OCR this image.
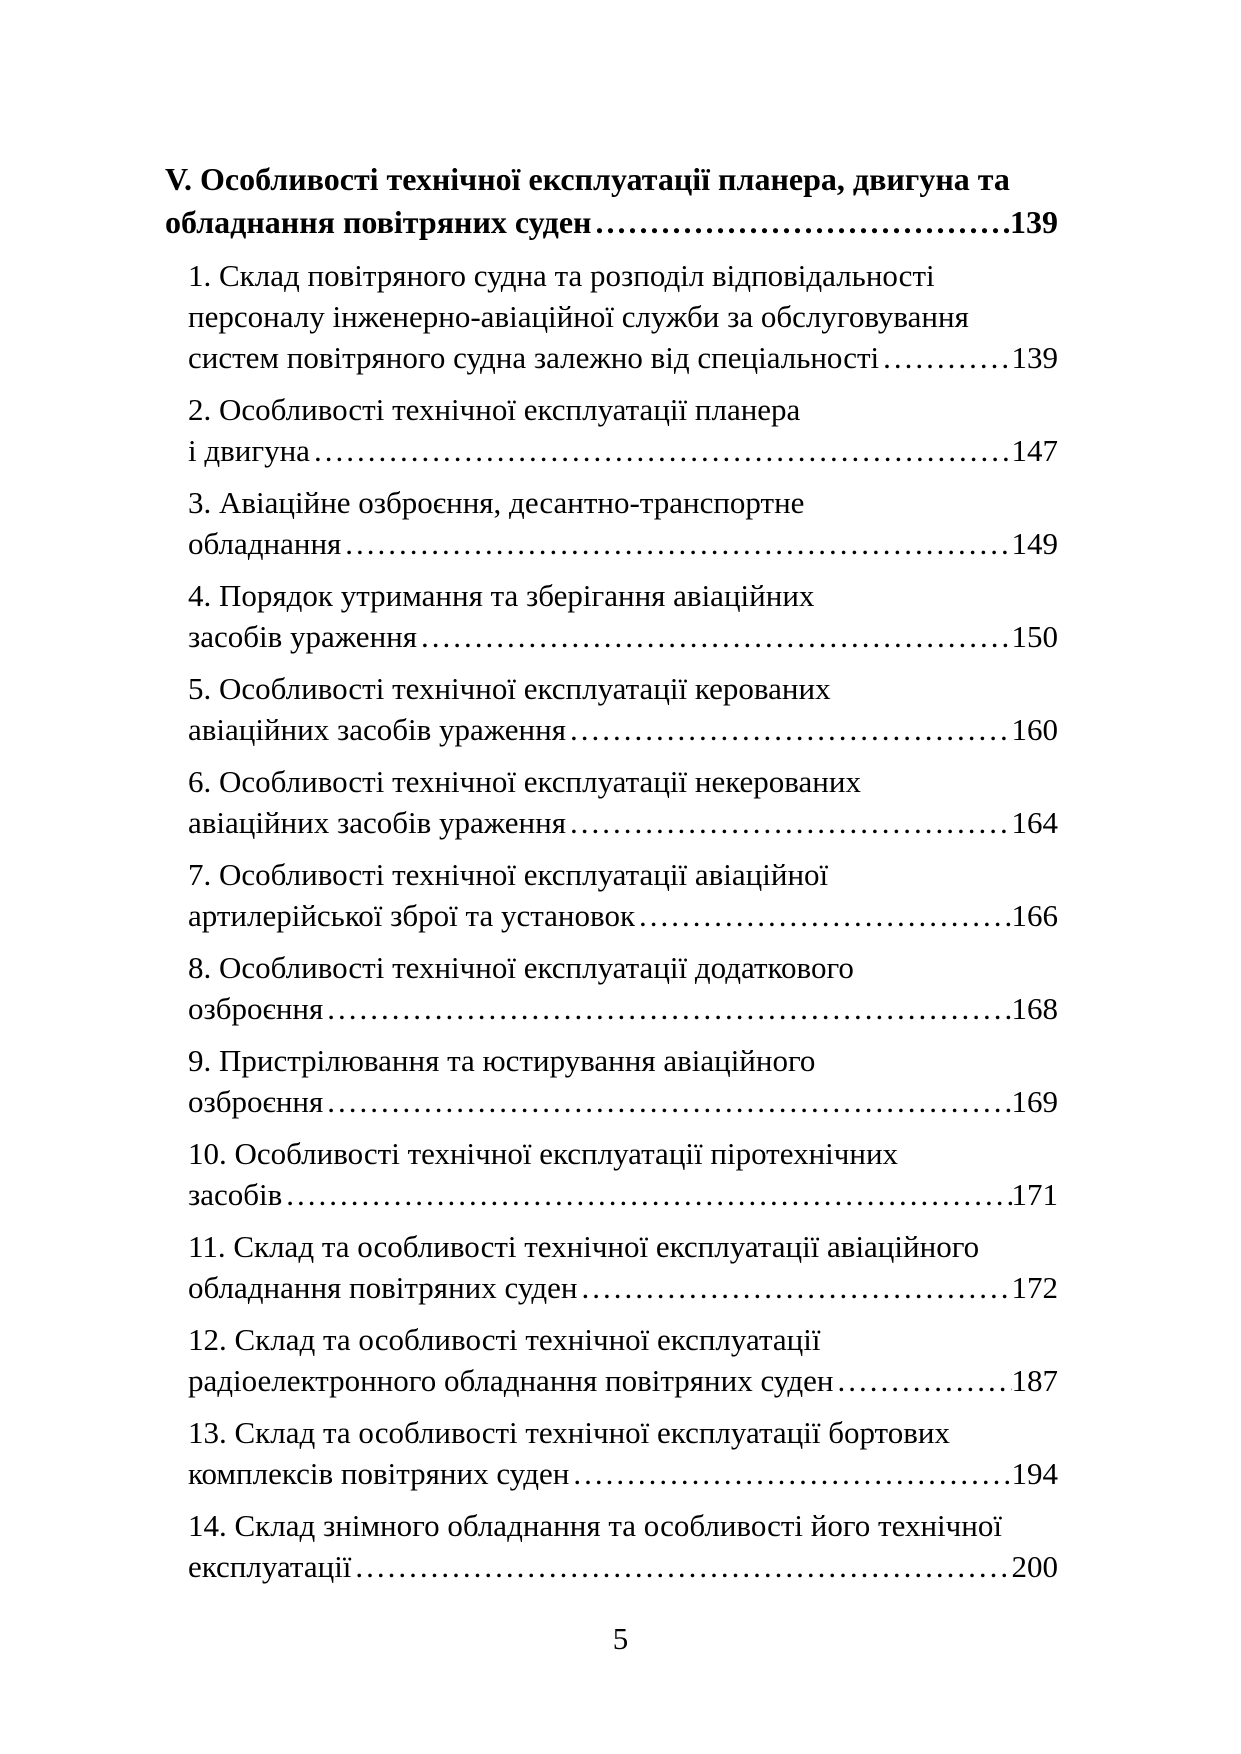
V. Особливості технічної експлуатації планера, двигуна та
обладнання повітряних суден .....	139
1. Склад повітряного судна та розподіл відповідальності
персоналу інженерно-авіаційної служби за обслуговування
систем повітряного судна залежно від спеціальності .....	139
2. Особливості технічної експлуатації планера
і двигуна .....	147
3. Авіаційне озброєння, десантно-транспортне
обладнання .....	149
4. Порядок утримання та зберігання авіаційних
засобів ураження .....	150
5. Особливості технічної експлуатації керованих
авіаційних засобів ураження .....	160
6. Особливості технічної експлуатації некерованих
авіаційних засобів ураження .....	164
7. Особливості технічної експлуатації авіаційної
артилерійської зброї та установок .....	166
8. Особливості технічної експлуатації додаткового
озброєння .....	168
9. Пристрілювання та юстирування авіаційного
озброєння .....	169
10. Особливості технічної експлуатації піротехнічних
засобів .....	171
11. Склад та особливості технічної експлуатації авіаційного
обладнання повітряних суден .....	172
12. Склад та особливості технічної експлуатації
радіоелектронного обладнання повітряних суден .....	187
13. Склад та особливості технічної експлуатації бортових
комплексів повітряних суден .....	194
14. Склад знімного обладнання та особливості його технічної
експлуатації .....	200
5
